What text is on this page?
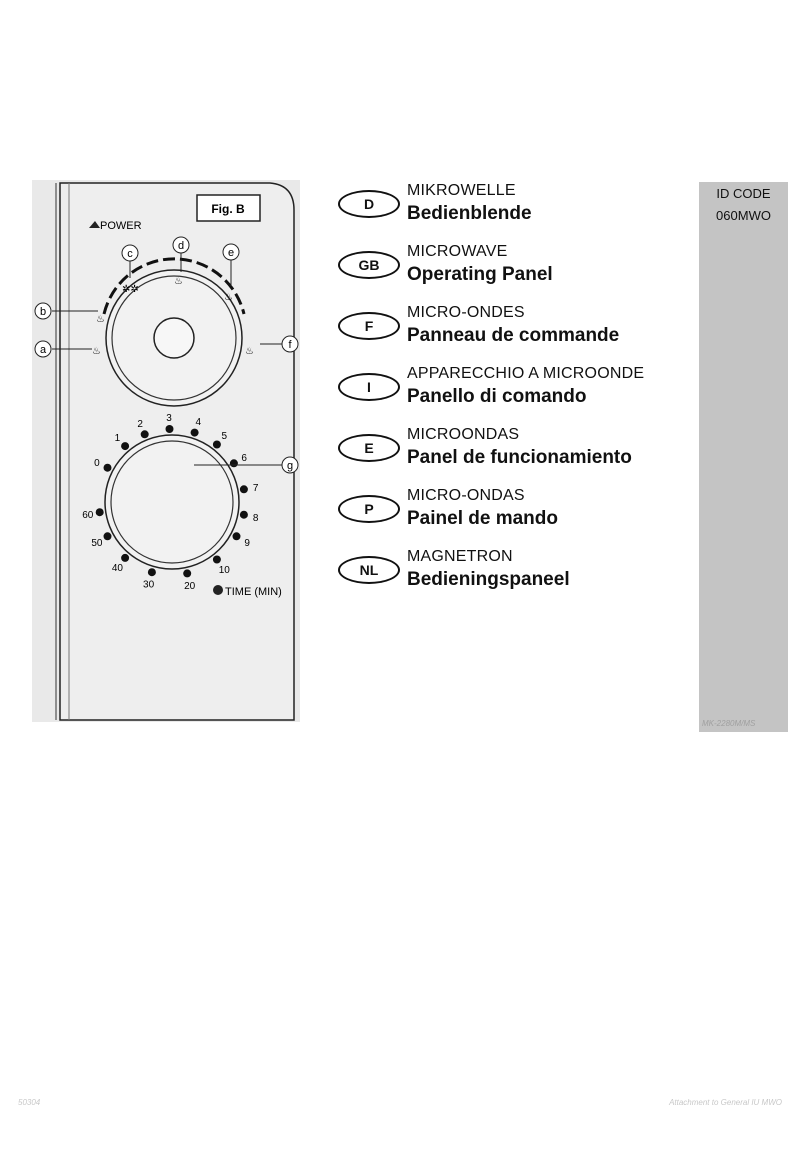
Fig. B
POWER
♨
♨
✲✲
♨
♨
♨
a
b
c
d
e
f
0
1
2
3 4
5
6
7
8
9
10
20
30
40
50
60
g
TIME (MIN)
D
MIKROWELLE
Bedienblende
GB
MICROWAVE
Operating Panel
F
MICRO-ONDES
Panneau de commande
I
APPARECCHIO A MICROONDE
Panello di comando
E
MICROONDAS
Panel de funcionamiento
P
MICRO-ONDAS
Painel de mando
NL
MAGNETRON
Bedieningspaneel
ID CODE
060MWO
MK-2280M/MS
50304	Attachment to General IU MWO
